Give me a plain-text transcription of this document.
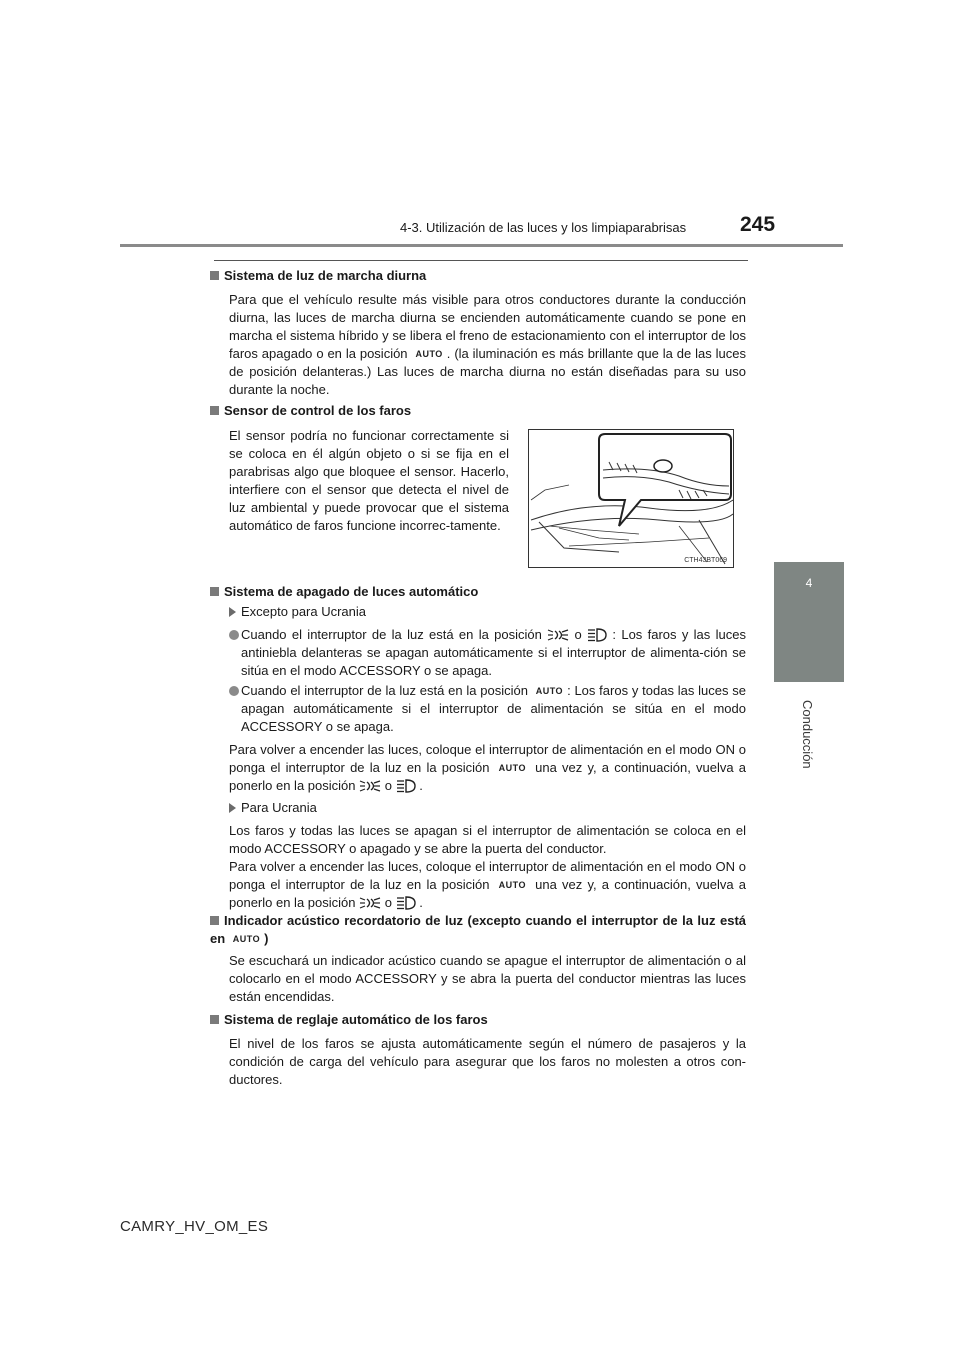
4-3. Utilización de las luces y los limpiaparabrisas	245
4
Conducción
Sistema de luz de marcha diurna
Para que el vehículo resulte más visible para otros conductores durante la conducción diurna, las luces de marcha diurna se encienden automáticamente cuando se pone en marcha el sistema híbrido y se libera el freno de estacionamiento con el interruptor de los faros apagado o en la posición AUTO . (la iluminación es más brillante que la de las luces de posición delanteras.) Las luces de marcha diurna no están diseñadas para su uso durante la noche.
Sensor de control de los faros
El sensor podría no funcionar correctamente si se coloca en él algún objeto o si se fija en el parabrisas algo que bloquee el sensor. Hacerlo, interfiere con el sensor que detecta el nivel de luz ambiental y puede provocar que el sistema automático de faros funcione incorrec-tamente.
CTH43BT069
Sistema de apagado de luces automático
Excepto para Ucrania
Cuando el interruptor de la luz está en la posición	o : Los faros y las luces antiniebla delanteras se apagan automáticamente si el interruptor de alimenta-ción se sitúa en el modo ACCESSORY o se apaga.
Cuando el interruptor de la luz está en la posición AUTO : Los faros y todas las luces se apagan automáticamente si el interruptor de alimentación se sitúa en el modo ACCESSORY o se apaga.
Para volver a encender las luces, coloque el interruptor de alimentación en el modo ON o ponga el interruptor de la luz en la posición AUTO una vez y, a continuación, vuelva a ponerlo en la posición o .
Para Ucrania
Los faros y todas las luces se apagan si el interruptor de alimentación se coloca en el modo ACCESSORY o apagado y se abre la puerta del conductor.
Para volver a encender las luces, coloque el interruptor de alimentación en el modo ON o ponga el interruptor de la luz en la posición AUTO una vez y, a continuación, vuelva a ponerlo en la posición o .
Indicador acústico recordatorio de luz (excepto cuando el interruptor de la luz está en AUTO )
Se escuchará un indicador acústico cuando se apague el interruptor de alimentación o al colocarlo en el modo ACCESSORY y se abra la puerta del conductor mientras las luces están encendidas.
Sistema de reglaje automático de los faros
El nivel de los faros se ajusta automáticamente según el número de pasajeros y la condición de carga del vehículo para asegurar que los faros no molesten a otros con-ductores.
CAMRY_HV_OM_ES
